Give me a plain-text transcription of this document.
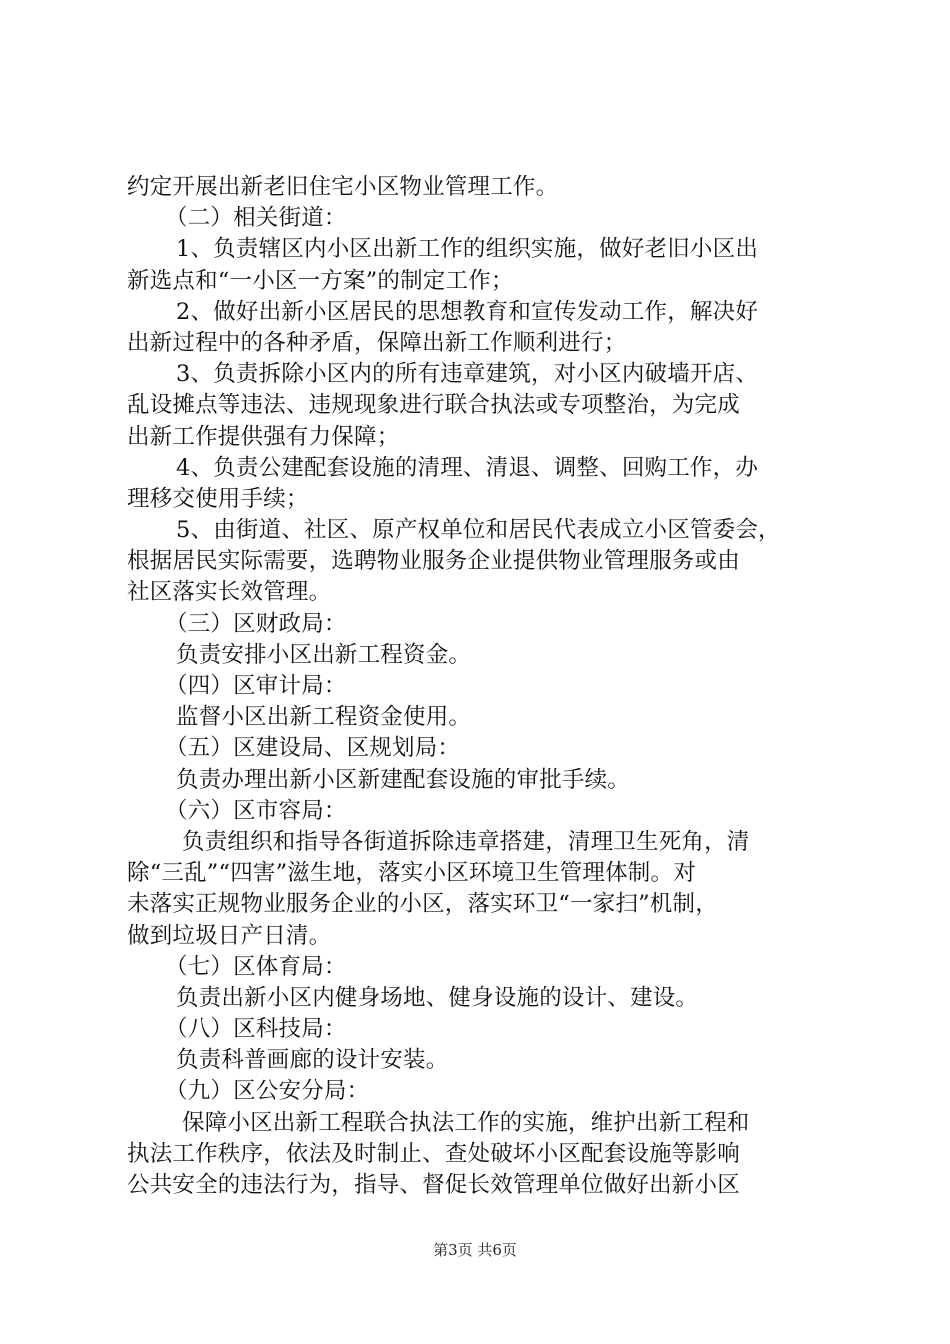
约定开展出新老旧住宅小区物业管理工作。
（二）相关街道：
1、负责辖区内小区出新工作的组织实施，做好老旧小区出
新选点和“一小区一方案”的制定工作；
2、做好出新小区居民的思想教育和宣传发动工作，解决好
出新过程中的各种矛盾，保障出新工作顺利进行；
3、负责拆除小区内的所有违章建筑，对小区内破墙开店、
乱设摊点等违法、违规现象进行联合执法或专项整治，为完成
出新工作提供强有力保障；
4、负责公建配套设施的清理、清退、调整、回购工作，办
理移交使用手续；
5、由街道、社区、原产权单位和居民代表成立小区管委会，
根据居民实际需要，选聘物业服务企业提供物业管理服务或由
社区落实长效管理。
（三）区财政局：
负责安排小区出新工程资金。
（四）区审计局：
监督小区出新工程资金使用。
（五）区建设局、区规划局：
负责办理出新小区新建配套设施的审批手续。
（六）区市容局：
负责组织和指导各街道拆除违章搭建，清理卫生死角，清
除“三乱”“四害”滋生地，落实小区环境卫生管理体制。对
未落实正规物业服务企业的小区，落实环卫“一家扫”机制，
做到垃圾日产日清。
（七）区体育局：
负责出新小区内健身场地、健身设施的设计、建设。
（八）区科技局：
负责科普画廊的设计安装。
（九）区公安分局：
保障小区出新工程联合执法工作的实施，维护出新工程和
执法工作秩序，依法及时制止、查处破坏小区配套设施等影响
公共安全的违法行为，指导、督促长效管理单位做好出新小区
第3页 共6页
